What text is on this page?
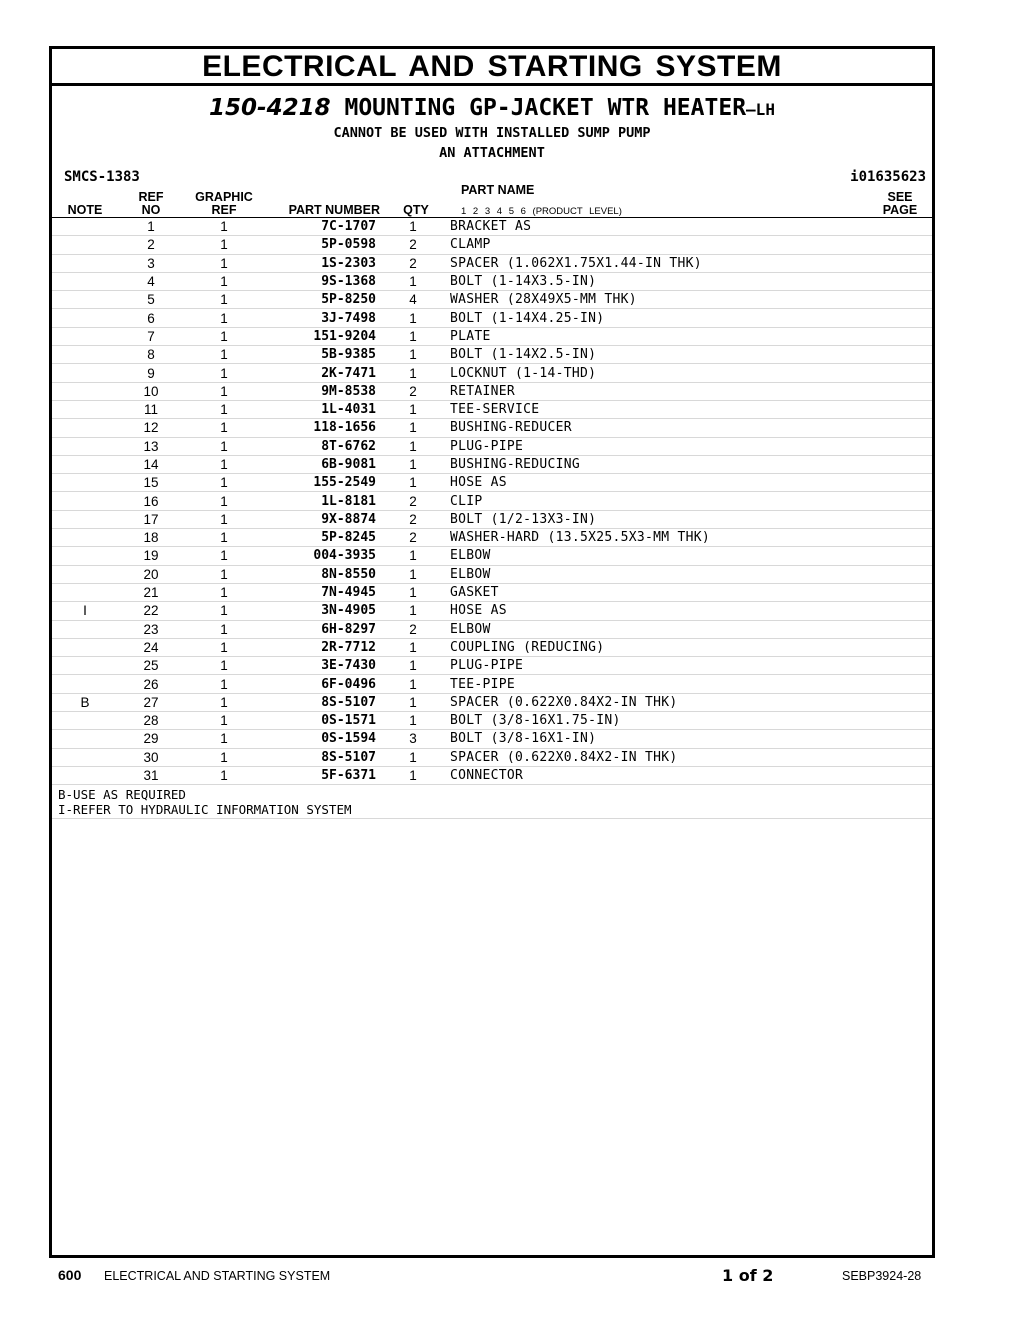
ELECTRICAL AND STARTING SYSTEM
150-4218 MOUNTING GP-JACKET WTR HEATER—LH
CANNOT BE USED WITH INSTALLED SUMP PUMP
AN ATTACHMENT
SMCS-1383	i01635623
NOTE
REF
NO
GRAPHIC
REF	PART NUMBER	QTY
PART NAME
1 2 3 4 5 6 (PRODUCT LEVEL)
SEE
PAGE
	1	1	7C-1707	1	BRACKET AS	
	2	1	5P-0598	2	CLAMP	
	3	1	1S-2303	2	SPACER (1.062X1.75X1.44-IN THK)	
	4	1	9S-1368	1	BOLT (1-14X3.5-IN)	
	5	1	5P-8250	4	WASHER (28X49X5-MM THK)	
	6	1	3J-7498	1	BOLT (1-14X4.25-IN)	
	7	1	151-9204	1	PLATE	
	8	1	5B-9385	1	BOLT (1-14X2.5-IN)	
	9	1	2K-7471	1	LOCKNUT (1-14-THD)	
	10	1	9M-8538	2	RETAINER	
	11	1	1L-4031	1	TEE-SERVICE	
	12	1	118-1656	1	BUSHING-REDUCER	
	13	1	8T-6762	1	PLUG-PIPE	
	14	1	6B-9081	1	BUSHING-REDUCING	
	15	1	155-2549	1	HOSE AS	
	16	1	1L-8181	2	CLIP	
	17	1	9X-8874	2	BOLT (1/2-13X3-IN)	
	18	1	5P-8245	2	WASHER-HARD (13.5X25.5X3-MM THK)	
	19	1	004-3935	1	ELBOW	
	20	1	8N-8550	1	ELBOW	
	21	1	7N-4945	1	GASKET	
I	22	1	3N-4905	1	HOSE AS	
	23	1	6H-8297	2	ELBOW	
	24	1	2R-7712	1	COUPLING (REDUCING)	
	25	1	3E-7430	1	PLUG-PIPE	
	26	1	6F-0496	1	TEE-PIPE	
B	27	1	8S-5107	1	SPACER (0.622X0.84X2-IN THK)	
	28	1	0S-1571	1	BOLT (3/8-16X1.75-IN)	
	29	1	0S-1594	3	BOLT (3/8-16X1-IN)	
	30	1	8S-5107	1	SPACER (0.622X0.84X2-IN THK)	
	31	1	5F-6371	1	CONNECTOR	
B-USE AS REQUIRED
I-REFER TO HYDRAULIC INFORMATION SYSTEM
600 ELECTRICAL AND STARTING SYSTEM	1 of 2	SEBP3924-28
